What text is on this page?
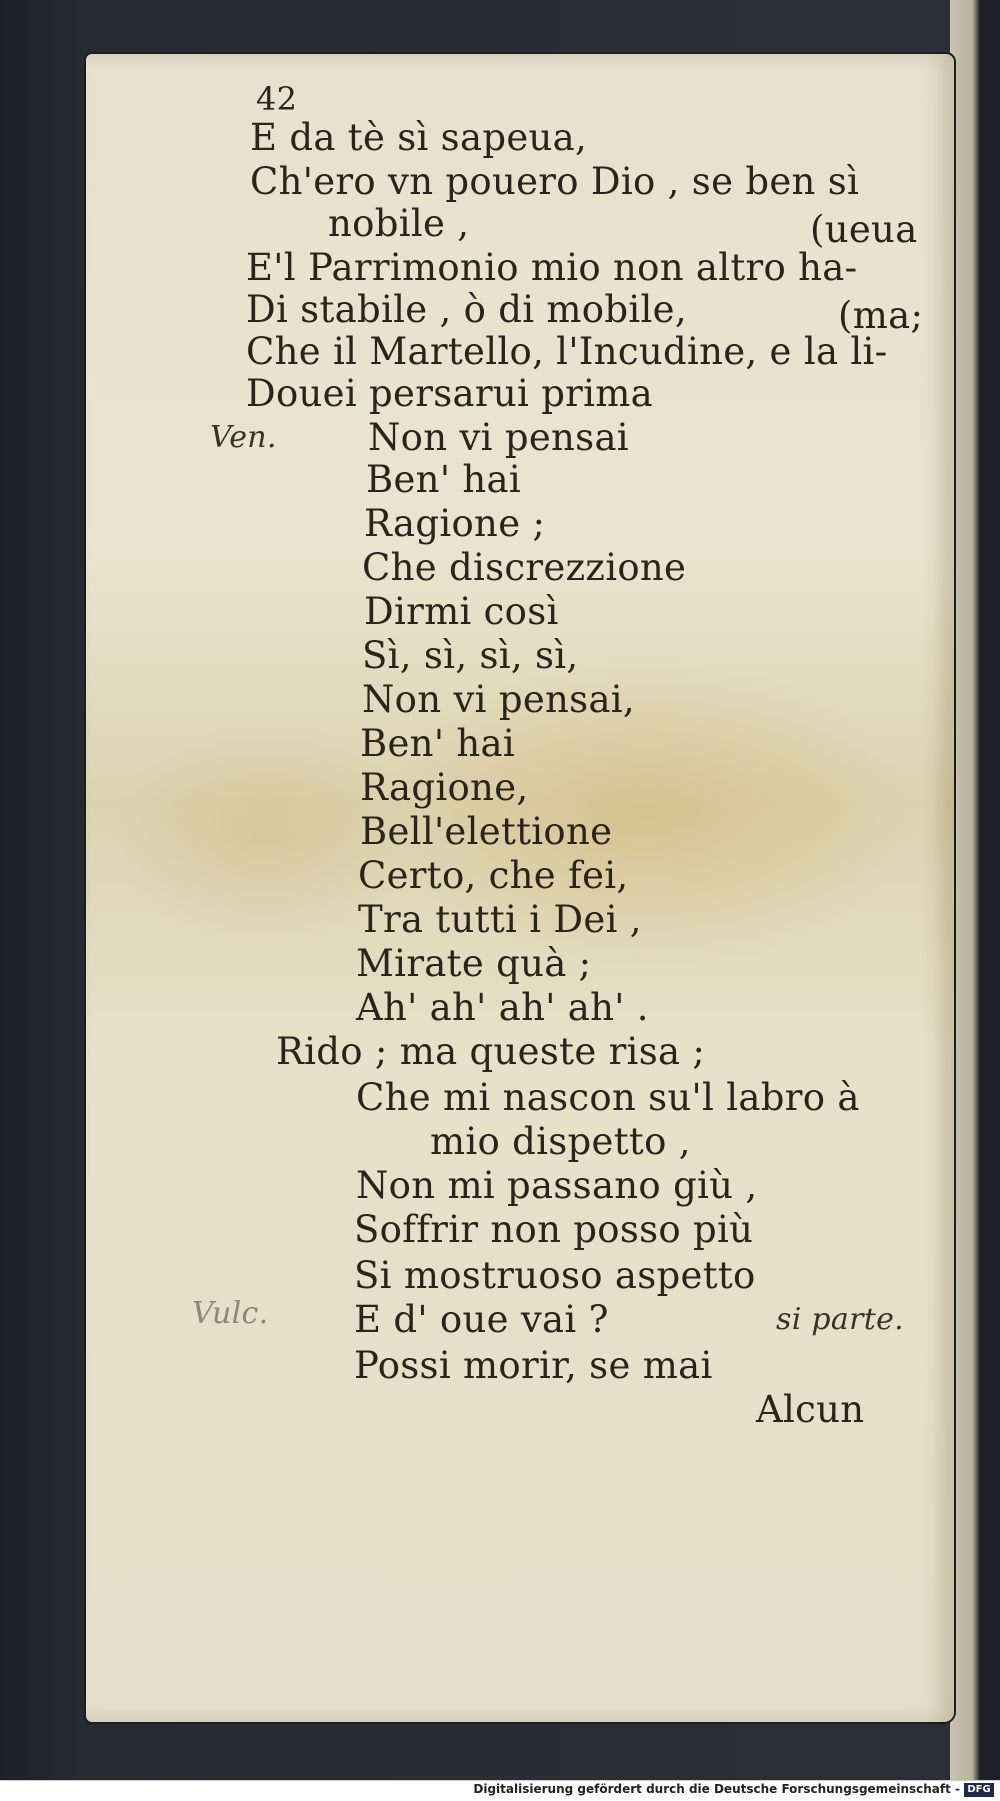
42
E da tè sì sapeua,
Ch'ero vn pouero Dio , se ben sì
nobile ,	(ueua
E'l Parrimonio mio non altro ha-
Di stabile , ò di mobile,	(ma;
Che il Martello, l'Incudine, e la li-
Douei persarui prima
Ven. Non vi pensai
Ben' hai
Ragione ;
Che discrezzione
Dirmi così
Sì, sì, sì, sì,
Non vi pensai,
Ben' hai
Ragione,
Bell'elettione
Certo, che fei,
Tra tutti i Dei ,
Mirate quà ;
Ah' ah' ah' ah' .
Rido ; ma queste risa ;
Che mi nascon su'l labro à
mio dispetto ,
Non mi passano giù ,
Soffrir non posso più
Si mostruoso aspetto
Vulc. E d' oue vai ?	si parte.
Possi morir, se mai
Alcun
Digitalisierung gefördert durch die Deutsche Forschungsgemeinschaft - DFG
